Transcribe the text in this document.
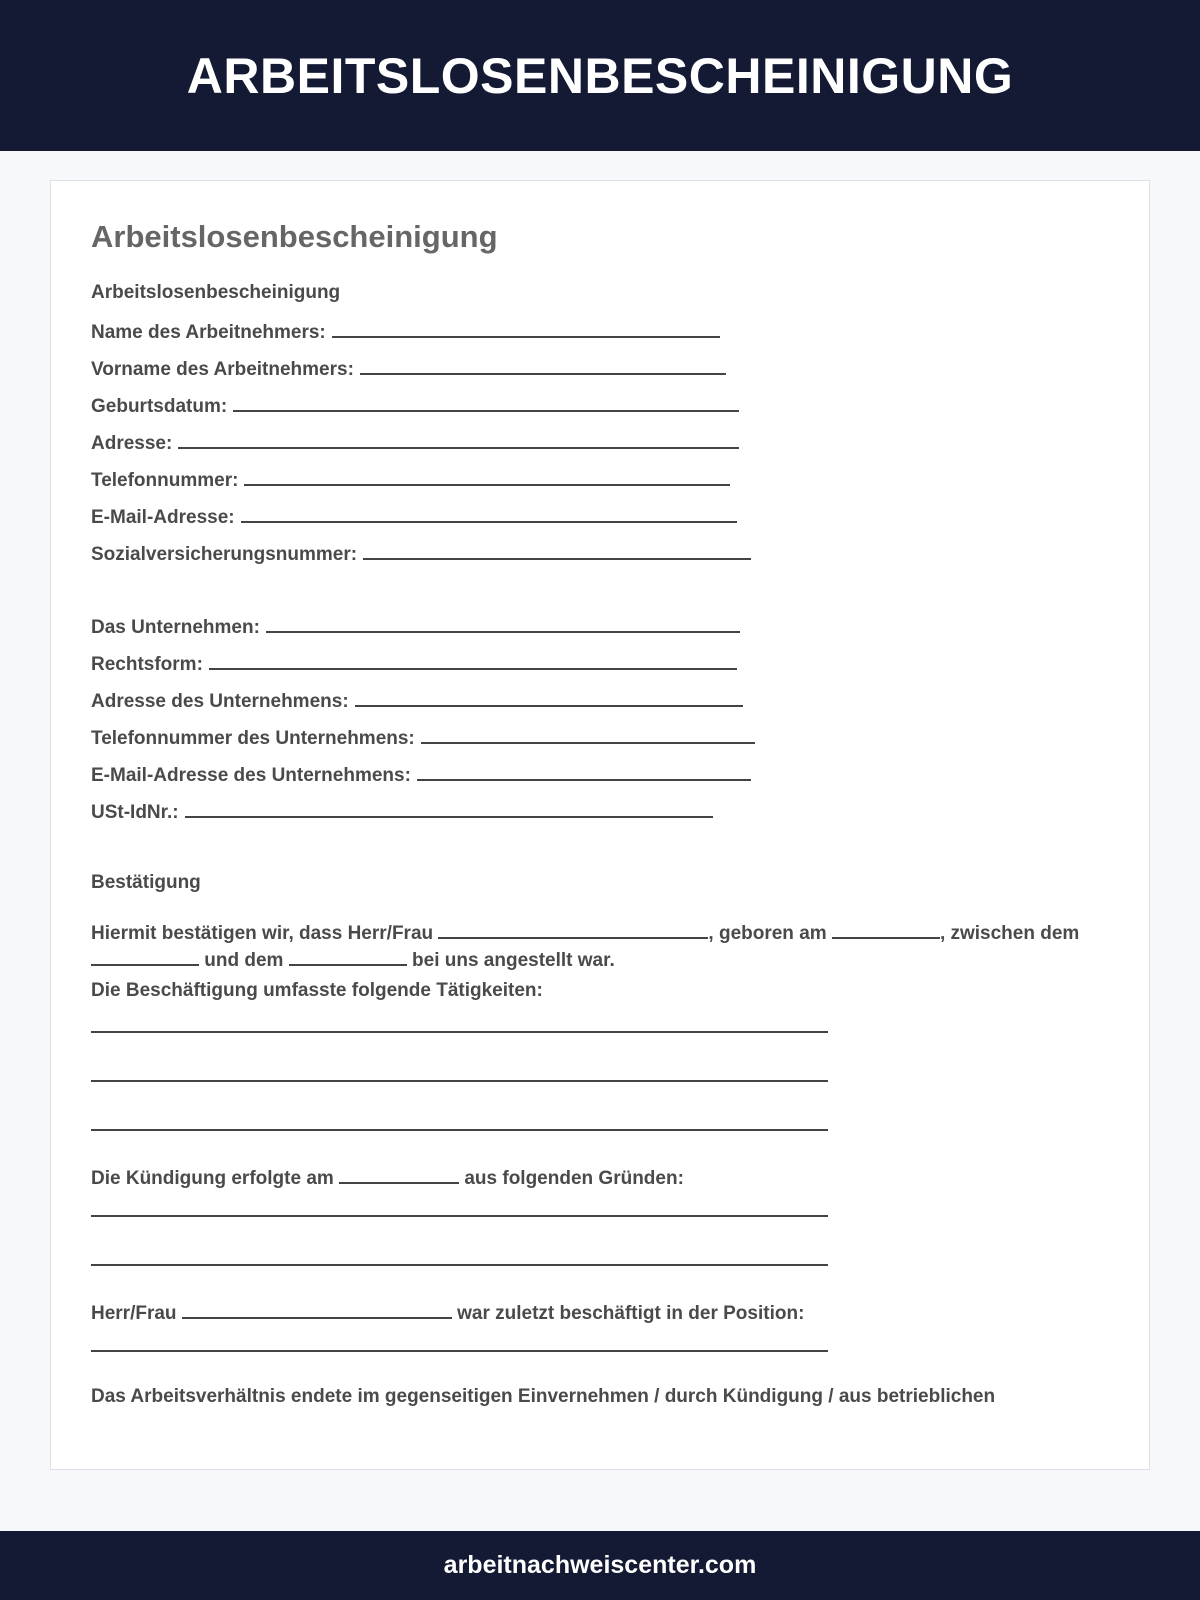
ARBEITSLOSENBESCHEINIGUNG
Arbeitslosenbescheinigung
Arbeitslosenbescheinigung
Name des Arbeitnehmers:
Vorname des Arbeitnehmers:
Geburtsdatum:
Adresse:
Telefonnummer:
E-Mail-Adresse:
Sozialversicherungsnummer:
Das Unternehmen:
Rechtsform:
Adresse des Unternehmens:
Telefonnummer des Unternehmens:
E-Mail-Adresse des Unternehmens:
USt-IdNr.:
Bestätigung
Hiermit bestätigen wir, dass Herr/Frau	, geboren am	, zwischen dem  und dem	bei uns angestellt war.
Die Beschäftigung umfasste folgende Tätigkeiten:
Die Kündigung erfolgte am	aus folgenden Gründen:
Herr/Frau	war zuletzt beschäftigt in der Position:
Das Arbeitsverhältnis endete im gegenseitigen Einvernehmen / durch Kündigung / aus betrieblichen
arbeitnachweiscenter.com
